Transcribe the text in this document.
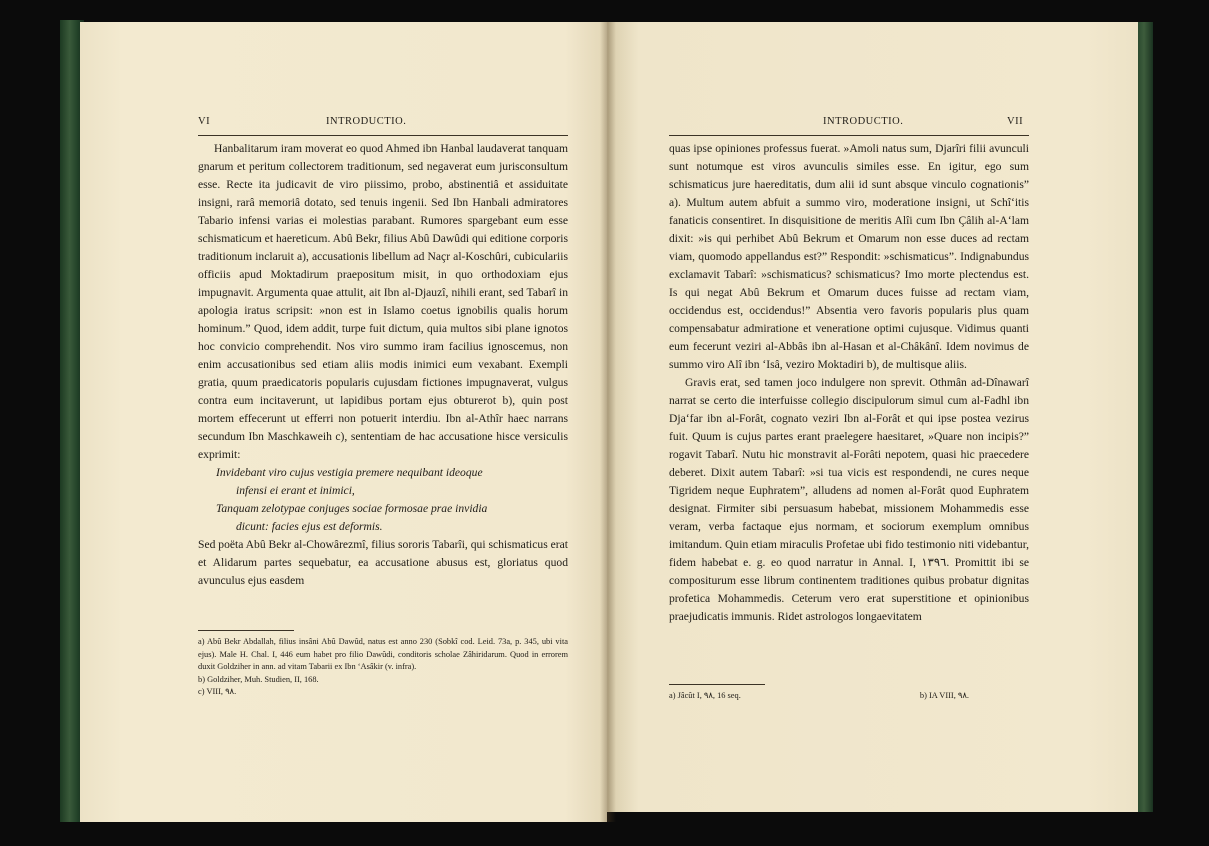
VI	INTRODUCTIO.

Hanbalitarum iram moverat eo quod Ahmed ibn Hanbal laudaverat tanquam gnarum et peritum collectorem traditionum, sed negaverat eum jurisconsultum esse. Recte ita judicavit de viro piissimo, probo, abstinentiâ et assiduitate insigni, rarâ memoriâ dotato, sed tenuis ingenii. Sed Ibn Hanbali admiratores Tabario infensi varias ei molestias parabant. Rumores spargebant eum esse schismaticum et haereticum. Abû Bekr, filius Abû Dawûdi qui editione corporis traditionum inclaruit a), accusationis libellum ad Naçr al-Koschûri, cubiculariis officiis apud Moktadirum praepositum misit, in quo orthodoxiam ejus impugnavit. Argumenta quae attulit, ait Ibn al-Djauzî, nihili erant, sed Tabarî in apologia iratus scripsit: »non est in Islamo coetus ignobilis qualis horum hominum.” Quod, idem addit, turpe fuit dictum, quia multos sibi plane ignotos hoc convicio comprehendit. Nos viro summo iram facilius ignoscemus, non enim accusationibus sed etiam aliis modis inimici eum vexabant. Exempli gratia, quum praedicatoris popularis cujusdam fictiones impugnaverat, vulgus contra eum incitaverunt, ut lapidibus portam ejus obturerot b), quin post mortem effecerunt ut efferri non potuerit interdiu. Ibn al-Athîr haec narrans secundum Ibn Maschkaweih c), sententiam de hac accusatione hisce versiculis exprimit:

Invidebant viro cujus vestigia premere nequibant ideoque
infensi ei erant et inimici,
Tanquam zelotypae conjuges sociae formosae prae invidia
dicunt: facies ejus est deformis.

Sed poëta Abû Bekr al-Chowârezmî, filius sororis Tabarîi, qui schismaticus erat et Alidarum partes sequebatur, ea accusatione abusus est, gloriatus quod avunculus ejus easdem

a) Abû Bekr Abdallah, filius insâni Abû Dawûd, natus est anno 230 (Sobkî cod. Leid. 73a, p. 345, ubi vita ejus). Male H. Chal. I, 446 eum habet pro filio Dawûdi, conditoris scholae Zâhiridarum. Quod in errorem duxit Goldziher in ann. ad vitam Tabarii ex Ibn ‘Asâkir (v. infra).
b) Goldziher, Muh. Studien, II, 168.
c) VIII, ٩٨.
INTRODUCTIO.	VII

quas ipse opiniones professus fuerat. »Amoli natus sum, Djarîri filii avunculi sunt notumque est viros avunculis similes esse. En igitur, ego sum schismaticus jure haereditatis, dum alii id sunt absque vinculo cognationis” a). Multum autem abfuit a summo viro, moderatione insigni, ut Schî‘itis fanaticis consentiret. In disquisitione de meritis Alîi cum Ibn Çâlih al-A‘lam dixit: »is qui perhibet Abû Bekrum et Omarum non esse duces ad rectam viam, quomodo appellandus est?” Respondit: »schismaticus”. Indignabundus exclamavit Tabarî: »schismaticus? schismaticus? Imo morte plectendus est. Is qui negat Abû Bekrum et Omarum duces fuisse ad rectam viam, occidendus est, occidendus!” Absentia vero favoris popularis plus quam compensabatur admiratione et veneratione optimi cujusque. Vidimus quanti eum fecerunt veziri al-Abbâs ibn al-Hasan et al-Châkânî. Idem novimus de summo viro Alî ibn ‘Isâ, veziro Moktadiri b), de multisque aliis.

Gravis erat, sed tamen joco indulgere non sprevit. Othmân ad-Dînawarî narrat se certo die interfuisse collegio discipulorum simul cum al-Fadhl ibn Dja‘far ibn al-Forât, cognato veziri Ibn al-Forât et qui ipse postea vezirus fuit. Quum is cujus partes erant praelegere haesitaret, »Quare non incipis?” rogavit Tabarî. Nutu hic monstravit al-Forâti nepotem, quasi hic praecedere deberet. Dixit autem Tabarî: »si tua vicis est respondendi, ne cures neque Tigridem neque Euphratem”, alludens ad nomen al-Forât quod Euphratem designat. Firmiter sibi persuasum habebat, missionem Mohammedis esse veram, verba factaque ejus normam, et sociorum exemplum omnibus imitandum. Quin etiam miraculis Profetae ubi fido testimonio niti videbantur, fidem habebat e. g. eo quod narratur in Annal. I, ١٣٩٦. Promittit ibi se compositurum esse librum continentem traditiones quibus probatur dignitas profetica Mohammedis. Ceterum vero erat superstitione et opinionibus praejudicatis immunis. Ridet astrologos longaevitatem

a) Jâcût I, ٩٨, 16 seq.	b) IA VIII, ٩٨.
